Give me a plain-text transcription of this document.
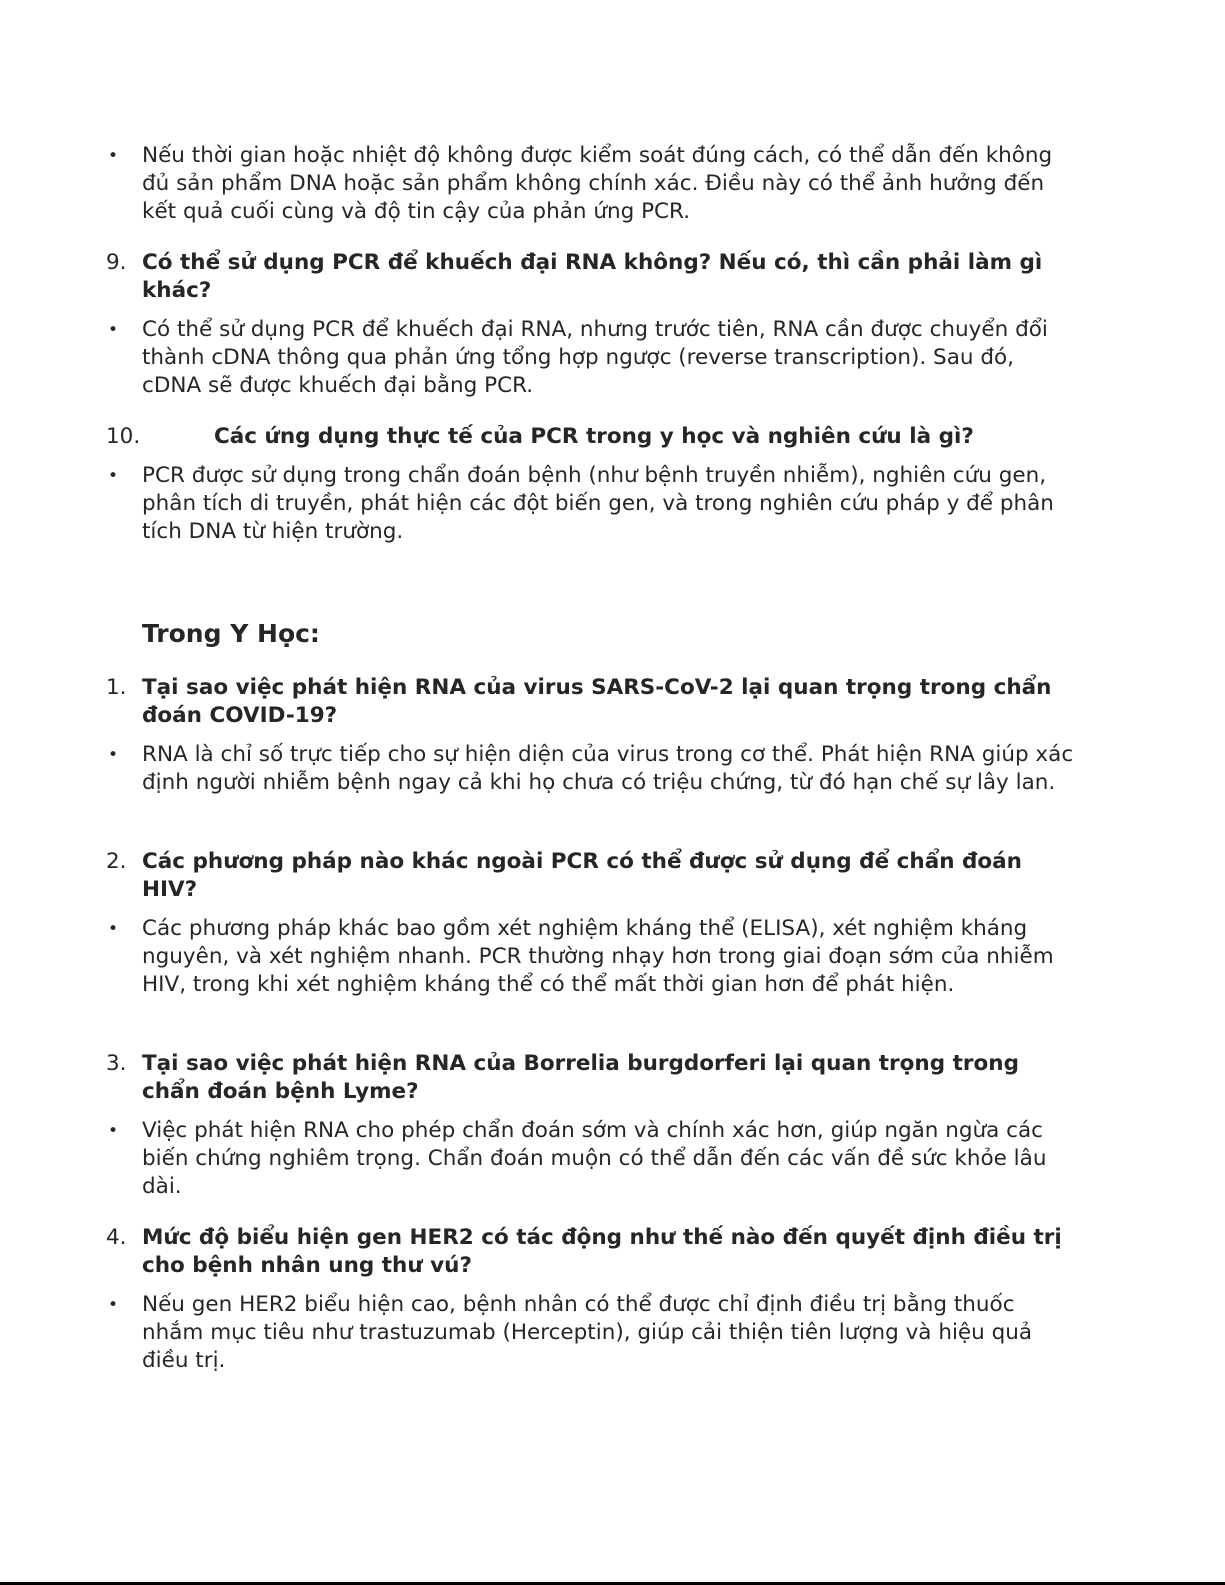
•	Nếu thời gian hoặc nhiệt độ không được kiểm soát đúng cách, có thể dẫn đến không đủ sản phẩm DNA hoặc sản phẩm không chính xác. Điều này có thể ảnh hưởng đến kết quả cuối cùng và độ tin cậy của phản ứng PCR.
9. Có thể sử dụng PCR để khuếch đại RNA không? Nếu có, thì cần phải làm gì khác?
•	Có thể sử dụng PCR để khuếch đại RNA, nhưng trước tiên, RNA cần được chuyển đổi thành cDNA thông qua phản ứng tổng hợp ngược (reverse transcription). Sau đó, cDNA sẽ được khuếch đại bằng PCR.
10.	Các ứng dụng thực tế của PCR trong y học và nghiên cứu là gì?
•	PCR được sử dụng trong chẩn đoán bệnh (như bệnh truyền nhiễm), nghiên cứu gen, phân tích di truyền, phát hiện các đột biến gen, và trong nghiên cứu pháp y để phân tích DNA từ hiện trường.
Trong Y Học:
1. Tại sao việc phát hiện RNA của virus SARS-CoV-2 lại quan trọng trong chẩn đoán COVID-19?
•	RNA là chỉ số trực tiếp cho sự hiện diện của virus trong cơ thể. Phát hiện RNA giúp xác định người nhiễm bệnh ngay cả khi họ chưa có triệu chứng, từ đó hạn chế sự lây lan.
2. Các phương pháp nào khác ngoài PCR có thể được sử dụng để chẩn đoán HIV?
•	Các phương pháp khác bao gồm xét nghiệm kháng thể (ELISA), xét nghiệm kháng nguyên, và xét nghiệm nhanh. PCR thường nhạy hơn trong giai đoạn sớm của nhiễm HIV, trong khi xét nghiệm kháng thể có thể mất thời gian hơn để phát hiện.
3. Tại sao việc phát hiện RNA của Borrelia burgdorferi lại quan trọng trong chẩn đoán bệnh Lyme?
•	Việc phát hiện RNA cho phép chẩn đoán sớm và chính xác hơn, giúp ngăn ngừa các biến chứng nghiêm trọng. Chẩn đoán muộn có thể dẫn đến các vấn đề sức khỏe lâu dài.
4. Mức độ biểu hiện gen HER2 có tác động như thế nào đến quyết định điều trị cho bệnh nhân ung thư vú?
•	Nếu gen HER2 biểu hiện cao, bệnh nhân có thể được chỉ định điều trị bằng thuốc nhắm mục tiêu như trastuzumab (Herceptin), giúp cải thiện tiên lượng và hiệu quả điều trị.
